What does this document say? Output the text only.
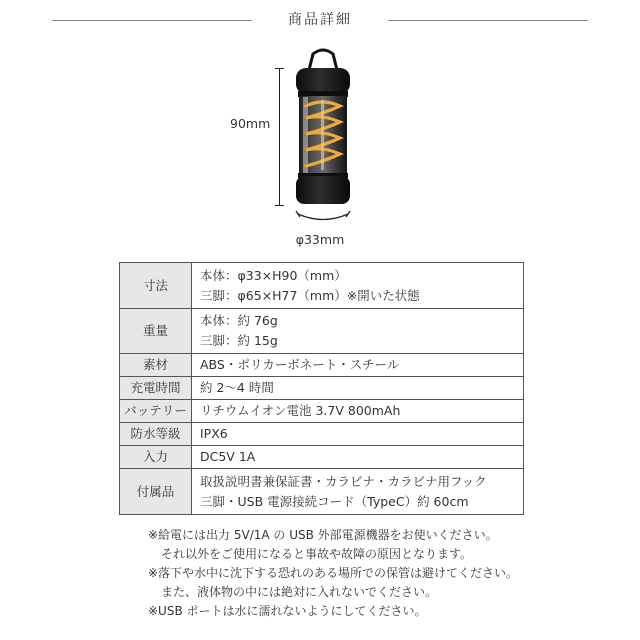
商品詳細
90mm
φ33mm
寸法	本体：φ33×H90（mm）
三脚：φ65×H77（mm）※開いた状態

重量	本体：約 76g
三脚：約 15g

素材	ABS・ポリカーボネート・スチール
充電時間	約 2〜4 時間
バッテリー	リチウムイオン電池 3.7V 800mAh
防水等級	IPX6
入力	DC5V 1A
付属品	取扱説明書兼保証書・カラビナ・カラビナ用フック
三脚・USB 電源接続コード（TypeC）約 60cm
※給電には出力 5V/1A の USB 外部電源機器をお使いください。
それ以外をご使用になると事故や故障の原因となります。
※落下や水中に沈下する恐れのある場所での保管は避けてください。
また、液体物の中には絶対に入れないでください。
※USB ポートは水に濡れないようにしてください。
